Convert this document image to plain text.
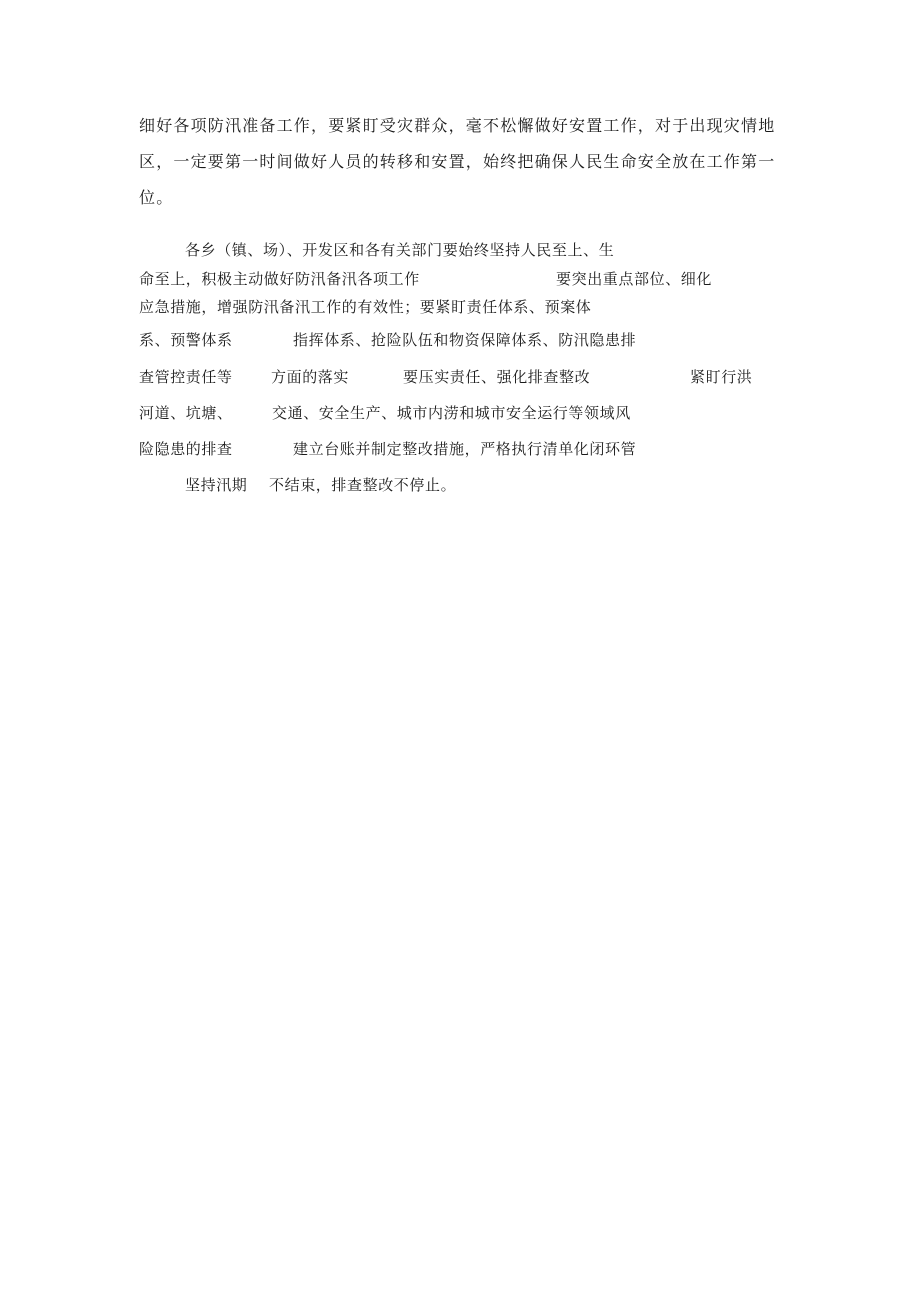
细好各项防汛准备工作，要紧盯受灾群众，毫不松懈做好安置工作，对于出现灾情地
区，一定要第一时间做好人员的转移和安置，始终把确保人民生命安全放在工作第一
位。
各乡（镇、场）、开发区和各有关部门要始终坚持人民至上、生
命至上，积极主动做好防汛备汛各项工作	要突出重点部位、细化
应急措施，增强防汛备汛工作的有效性；要紧盯责任体系、预案体
系、预警体系	指挥体系、抢险队伍和物资保障体系、防汛隐患排
查管控责任等	方面的落实	要压实责任、强化排查整改	紧盯行洪
河道、坑塘、	交通、安全生产、城市内涝和城市安全运行等领域风
险隐患的排查	建立台账并制定整改措施，严格执行清单化闭环管
坚持汛期 不结束，排查整改不停止。
